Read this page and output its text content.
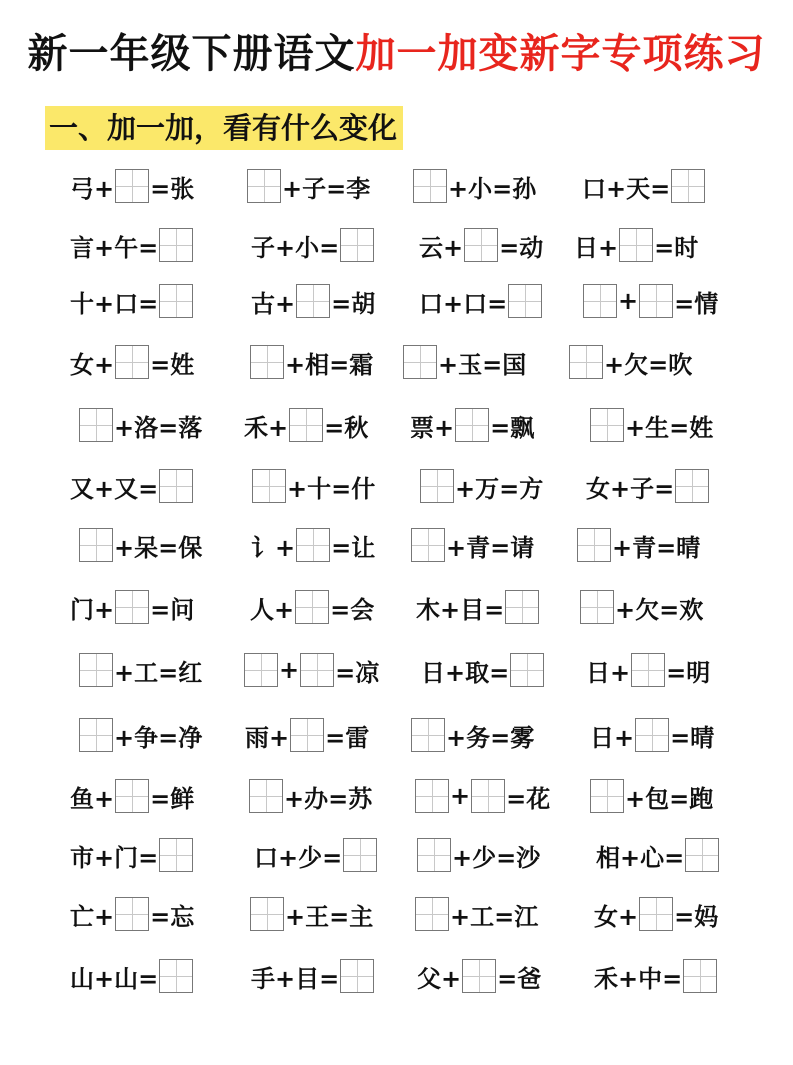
新一年级下册语文加一加变新字专项练习
一、加一加，看有什么变化
弓+ =张	+子=李	+小=孙 口+天=
言+午=	子+小=	云+ =动 日+ =时
十+口=	古+ =胡 口+口=	+ =情
女+ =姓	+相=霜	+玉=国	+欠=吹
+洛=落 禾+ =秋 票+ =飘	+生=姓
又+又=	+十=什	+万=方 女+子=
+呆=保 讠+ =让	+青=请	+青=晴
门+ =问 人+ =会 木+目=	+欠=欢
+工=红	+ =凉 日+取=	日+ =明
+争=净 雨+ =雷	+务=雾 日+ =晴
鱼+ =鲜	+办=苏	+ =花	+包=跑
市+门=	口+少=	+少=沙 相+心=
亡+ =忘	+王=主	+工=江 女+ =妈
山+山=	手+目=	父+ =爸 禾+中=
